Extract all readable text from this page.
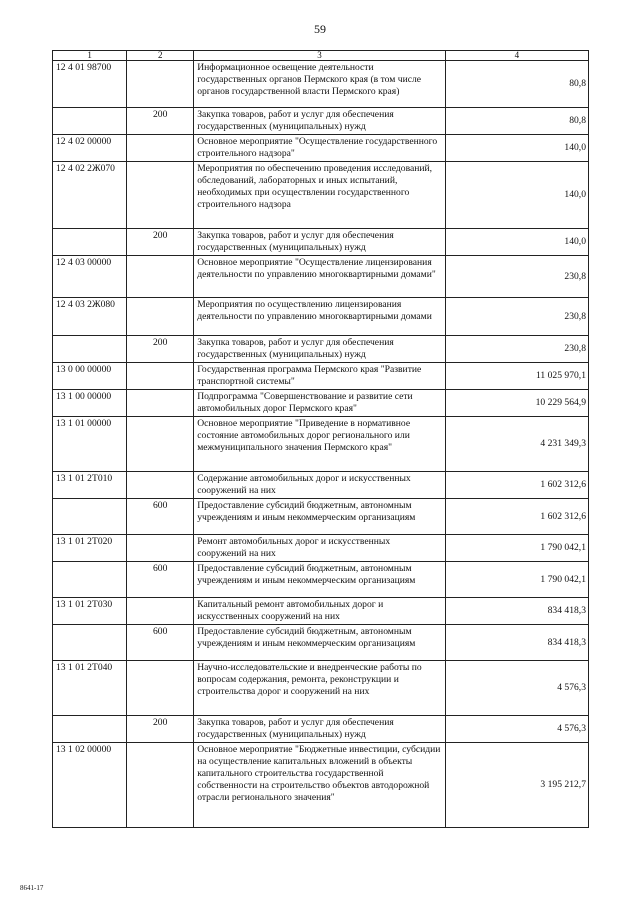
59
1	2	3	4
12 4 01 98700		Информационное освещение деятельности государственных органов Пермского края (в том числе органов государственной власти Пермского края)	80,8
	200	Закупка товаров, работ и услуг для обеспечения государственных (муниципальных) нужд	80,8
12 4 02 00000		Основное мероприятие "Осуществление государственного строительного надзора"	140,0
12 4 02 2Ж070		Мероприятия по обеспечению проведения исследований, обследований, лабораторных и иных испытаний, необходимых при осуществлении государственного строительного надзора	140,0
	200	Закупка товаров, работ и услуг для обеспечения государственных (муниципальных) нужд	140,0
12 4 03 00000		Основное мероприятие "Осуществление лицензирования деятельности по управлению многоквартирными домами"	230,8
12 4 03 2Ж080		Мероприятия по осуществлению лицензирования деятельности по управлению многоквартирными домами	230,8
	200	Закупка товаров, работ и услуг для обеспечения государственных (муниципальных) нужд	230,8
13 0 00 00000		Государственная программа Пермского края "Развитие транспортной системы"	11 025 970,1
13 1 00 00000		Подпрограмма "Совершенствование и развитие сети автомобильных дорог Пермского края"	10 229 564,9
13 1 01 00000		Основное мероприятие "Приведение в нормативное состояние автомобильных дорог регионального или межмуниципального значения Пермского края"	4 231 349,3
13 1 01 2Т010		Содержание автомобильных дорог и искусственных сооружений на них	1 602 312,6
	600	Предоставление субсидий бюджетным, автономным учреждениям и иным некоммерческим организациям	1 602 312,6
13 1 01 2Т020		Ремонт автомобильных дорог и искусственных сооружений на них	1 790 042,1
	600	Предоставление субсидий бюджетным, автономным учреждениям и иным некоммерческим организациям	1 790 042,1
13 1 01 2Т030		Капитальный ремонт автомобильных дорог и искусственных сооружений на них	834 418,3
	600	Предоставление субсидий бюджетным, автономным учреждениям и иным некоммерческим организациям	834 418,3
13 1 01 2Т040		Научно-исследовательские и внедренческие работы по вопросам содержания, ремонта, реконструкции и строительства дорог и сооружений на них	4 576,3
	200	Закупка товаров, работ и услуг для обеспечения государственных (муниципальных) нужд	4 576,3
13 1 02 00000		Основное мероприятие "Бюджетные инвестиции, субсидии на осуществление капитальных вложений в объекты капитального строительства государственной собственности на строительство объектов автодорожной отрасли регионального значения"	3 195 212,7
8641-17
